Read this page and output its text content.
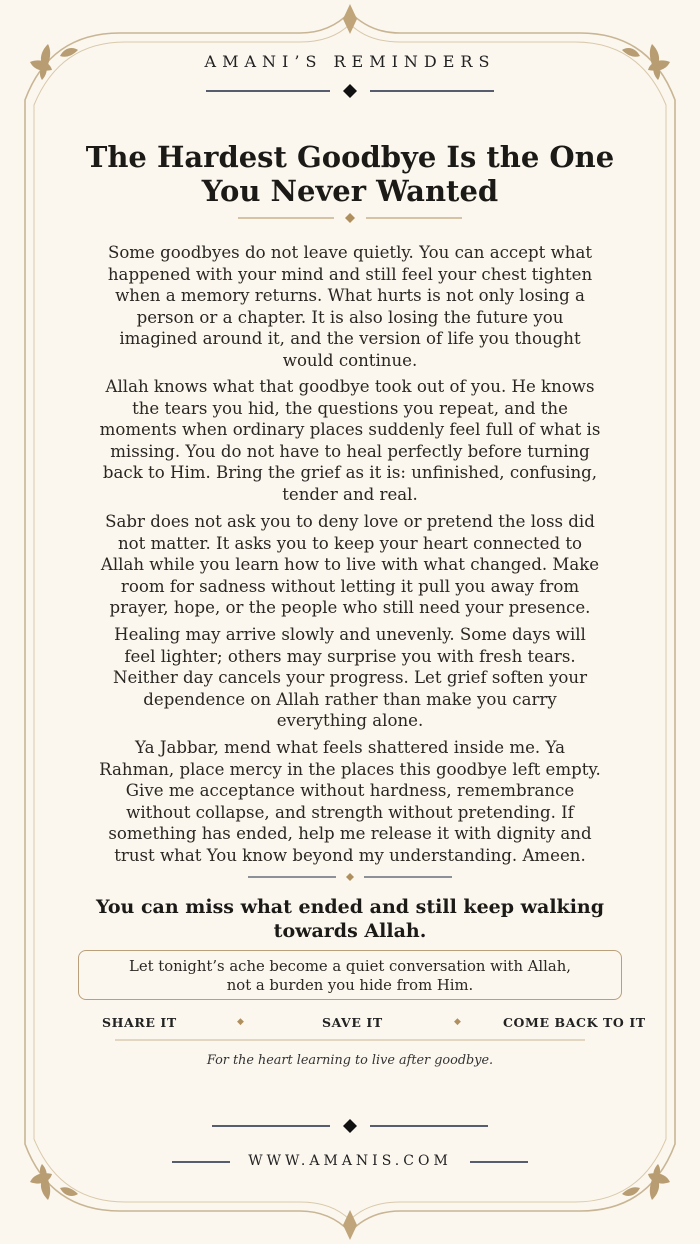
AMANI’S REMINDERS
The Hardest Goodbye Is the One
You Never Wanted
Some goodbyes do not leave quietly. You can accept what
happened with your mind and still feel your chest tighten
when a memory returns. What hurts is not only losing a
person or a chapter. It is also losing the future you
imagined around it, and the version of life you thought
would continue.
Allah knows what that goodbye took out of you. He knows
the tears you hid, the questions you repeat, and the
moments when ordinary places suddenly feel full of what is
missing. You do not have to heal perfectly before turning
back to Him. Bring the grief as it is: unfinished, confusing,
tender and real.
Sabr does not ask you to deny love or pretend the loss did
not matter. It asks you to keep your heart connected to
Allah while you learn how to live with what changed. Make
room for sadness without letting it pull you away from
prayer, hope, or the people who still need your presence.
Healing may arrive slowly and unevenly. Some days will
feel lighter; others may surprise you with fresh tears.
Neither day cancels your progress. Let grief soften your
dependence on Allah rather than make you carry
everything alone.
Ya Jabbar, mend what feels shattered inside me. Ya
Rahman, place mercy in the places this goodbye left empty.
Give me acceptance without hardness, remembrance
without collapse, and strength without pretending. If
something has ended, help me release it with dignity and
trust what You know beyond my understanding. Ameen.
You can miss what ended and still keep walking
towards Allah.
Let tonight’s ache become a quiet conversation with Allah,
not a burden you hide from Him.
SHARE IT	◆	SAVE IT	◆	COME BACK TO IT
For the heart learning to live after goodbye.
WWW.AMANIS.COM
